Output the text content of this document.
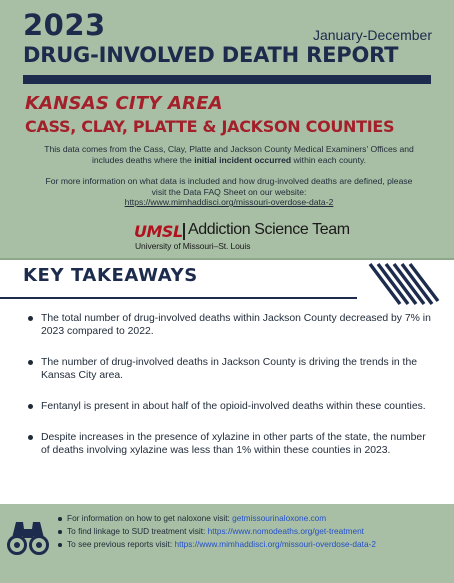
2023	January-December
DRUG-INVOLVED DEATH REPORT
KANSAS CITY AREA
CASS, CLAY, PLATTE & JACKSON COUNTIES

This data comes from the Cass, Clay, Platte and Jackson County Medical Examiners' Offices and includes deaths where the initial incident occurred within each county.

For more information on what data is included and how drug-involved deaths are defined, please visit the Data FAQ Sheet on our website:
https://www.mimhaddisci.org/missouri-overdose-data-2

UMSL Addiction Science Team
University of Missouri–St. Louis
KEY TAKEAWAYS
The total number of drug-involved deaths within Jackson County decreased by 7% in 2023 compared to 2022.
The number of drug-involved deaths in Jackson County is driving the trends in the Kansas City area.
Fentanyl is present in about half of the opioid-involved deaths within these counties.
Despite increases in the presence of xylazine in other parts of the state, the number of deaths involving xylazine was less than 1% within these counties in 2023.
For information on how to get naloxone visit: getmissourinaloxone.com
To find linkage to SUD treatment visit: https://www.nomodeaths.org/get-treatment
To see previous reports visit: https://www.mimhaddisci.org/missouri-overdose-data-2
